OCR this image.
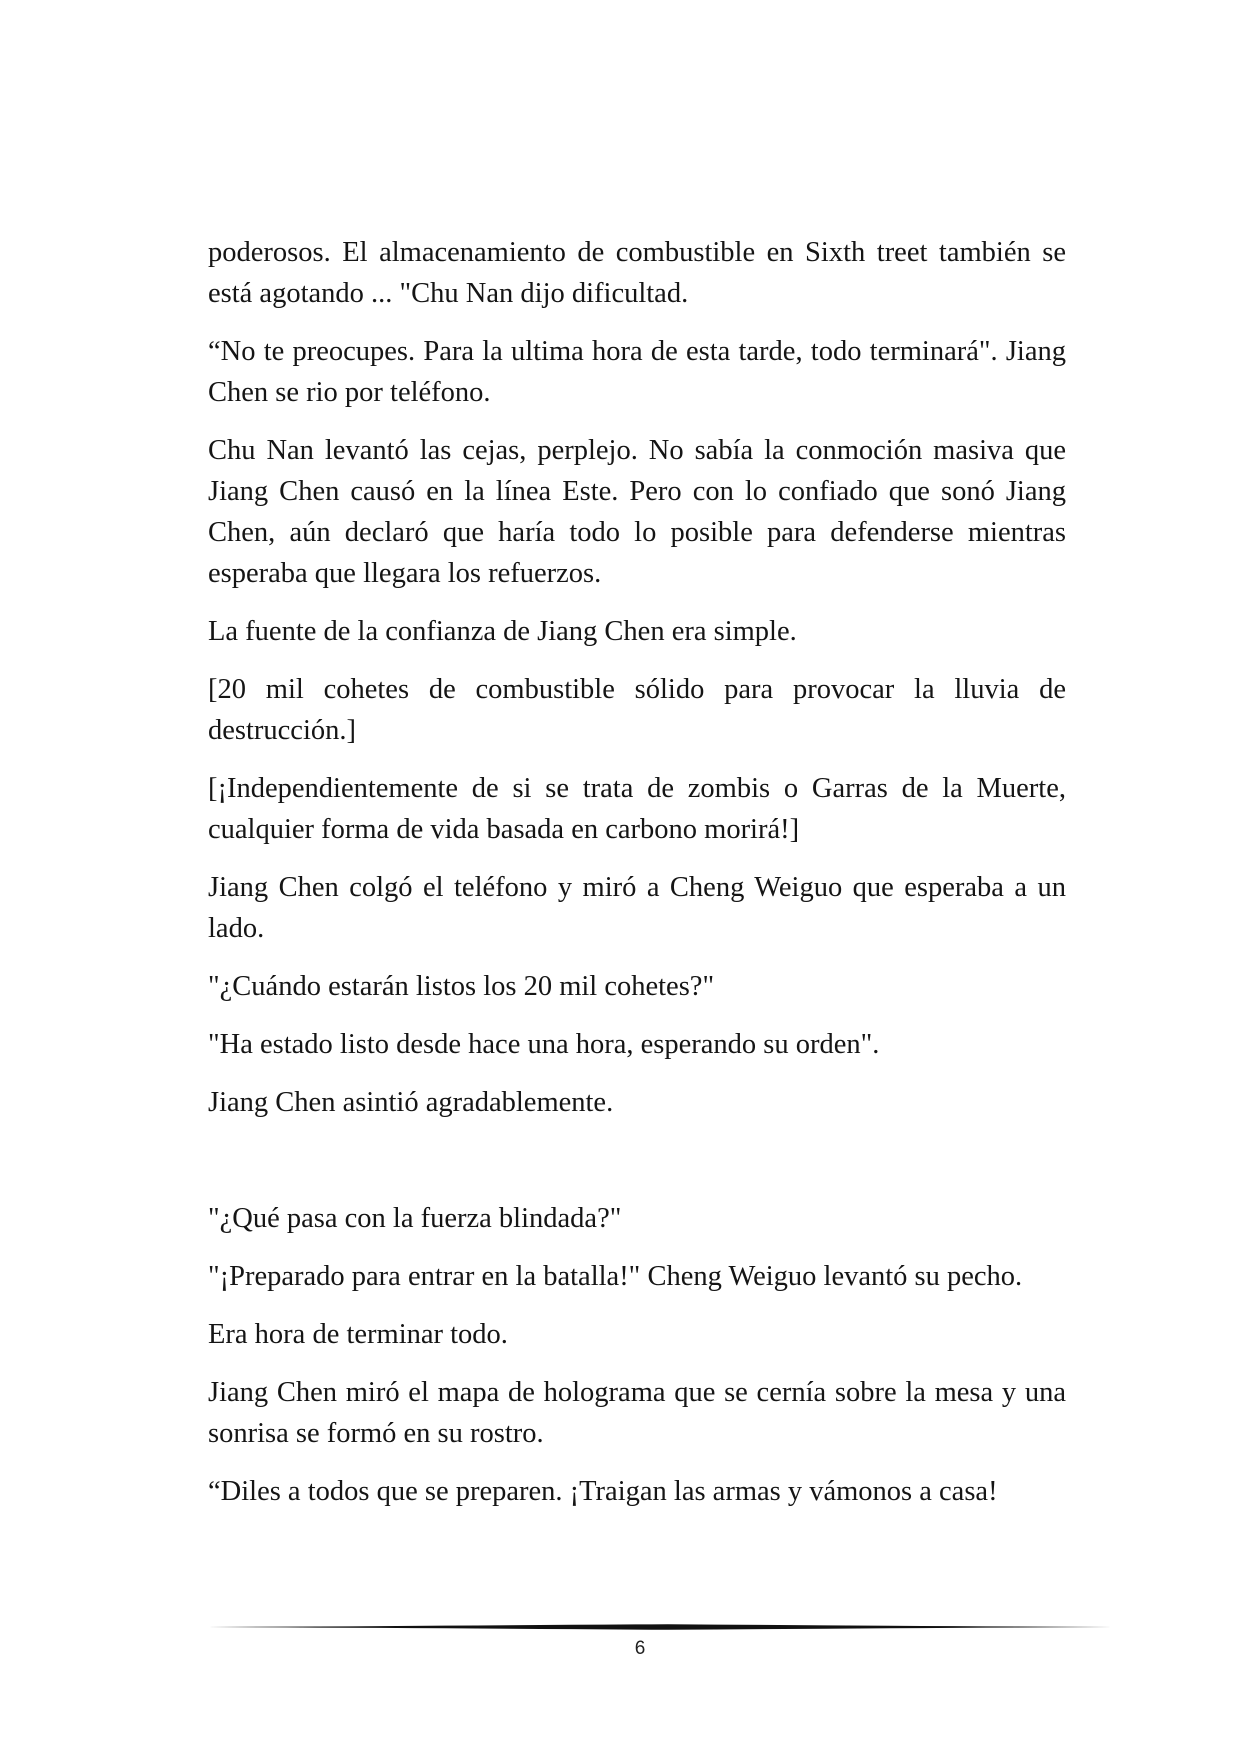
poderosos. El almacenamiento de combustible en Sixth treet también se está agotando ... "Chu Nan dijo dificultad.

“No te preocupes. Para la ultima hora de esta tarde, todo terminará". Jiang Chen se rio por teléfono.

Chu Nan levantó las cejas, perplejo. No sabía la conmoción masiva que Jiang Chen causó en la línea Este. Pero con lo confiado que sonó Jiang Chen, aún declaró que haría todo lo posible para defenderse mientras esperaba que llegara los refuerzos.

La fuente de la confianza de Jiang Chen era simple.

[20 mil cohetes de combustible sólido para provocar la lluvia de destrucción.]

[¡Independientemente de si se trata de zombis o Garras de la Muerte, cualquier forma de vida basada en carbono morirá!]

Jiang Chen colgó el teléfono y miró a Cheng Weiguo que esperaba a un lado.

"¿Cuándo estarán listos los 20 mil cohetes?"

"Ha estado listo desde hace una hora, esperando su orden".

Jiang Chen asintió agradablemente.

"¿Qué pasa con la fuerza blindada?"

"¡Preparado para entrar en la batalla!" Cheng Weiguo levantó su pecho.

Era hora de terminar todo.

Jiang Chen miró el mapa de holograma que se cernía sobre la mesa y una sonrisa se formó en su rostro.

“Diles a todos que se preparen. ¡Traigan las armas y vámonos a casa!

6
